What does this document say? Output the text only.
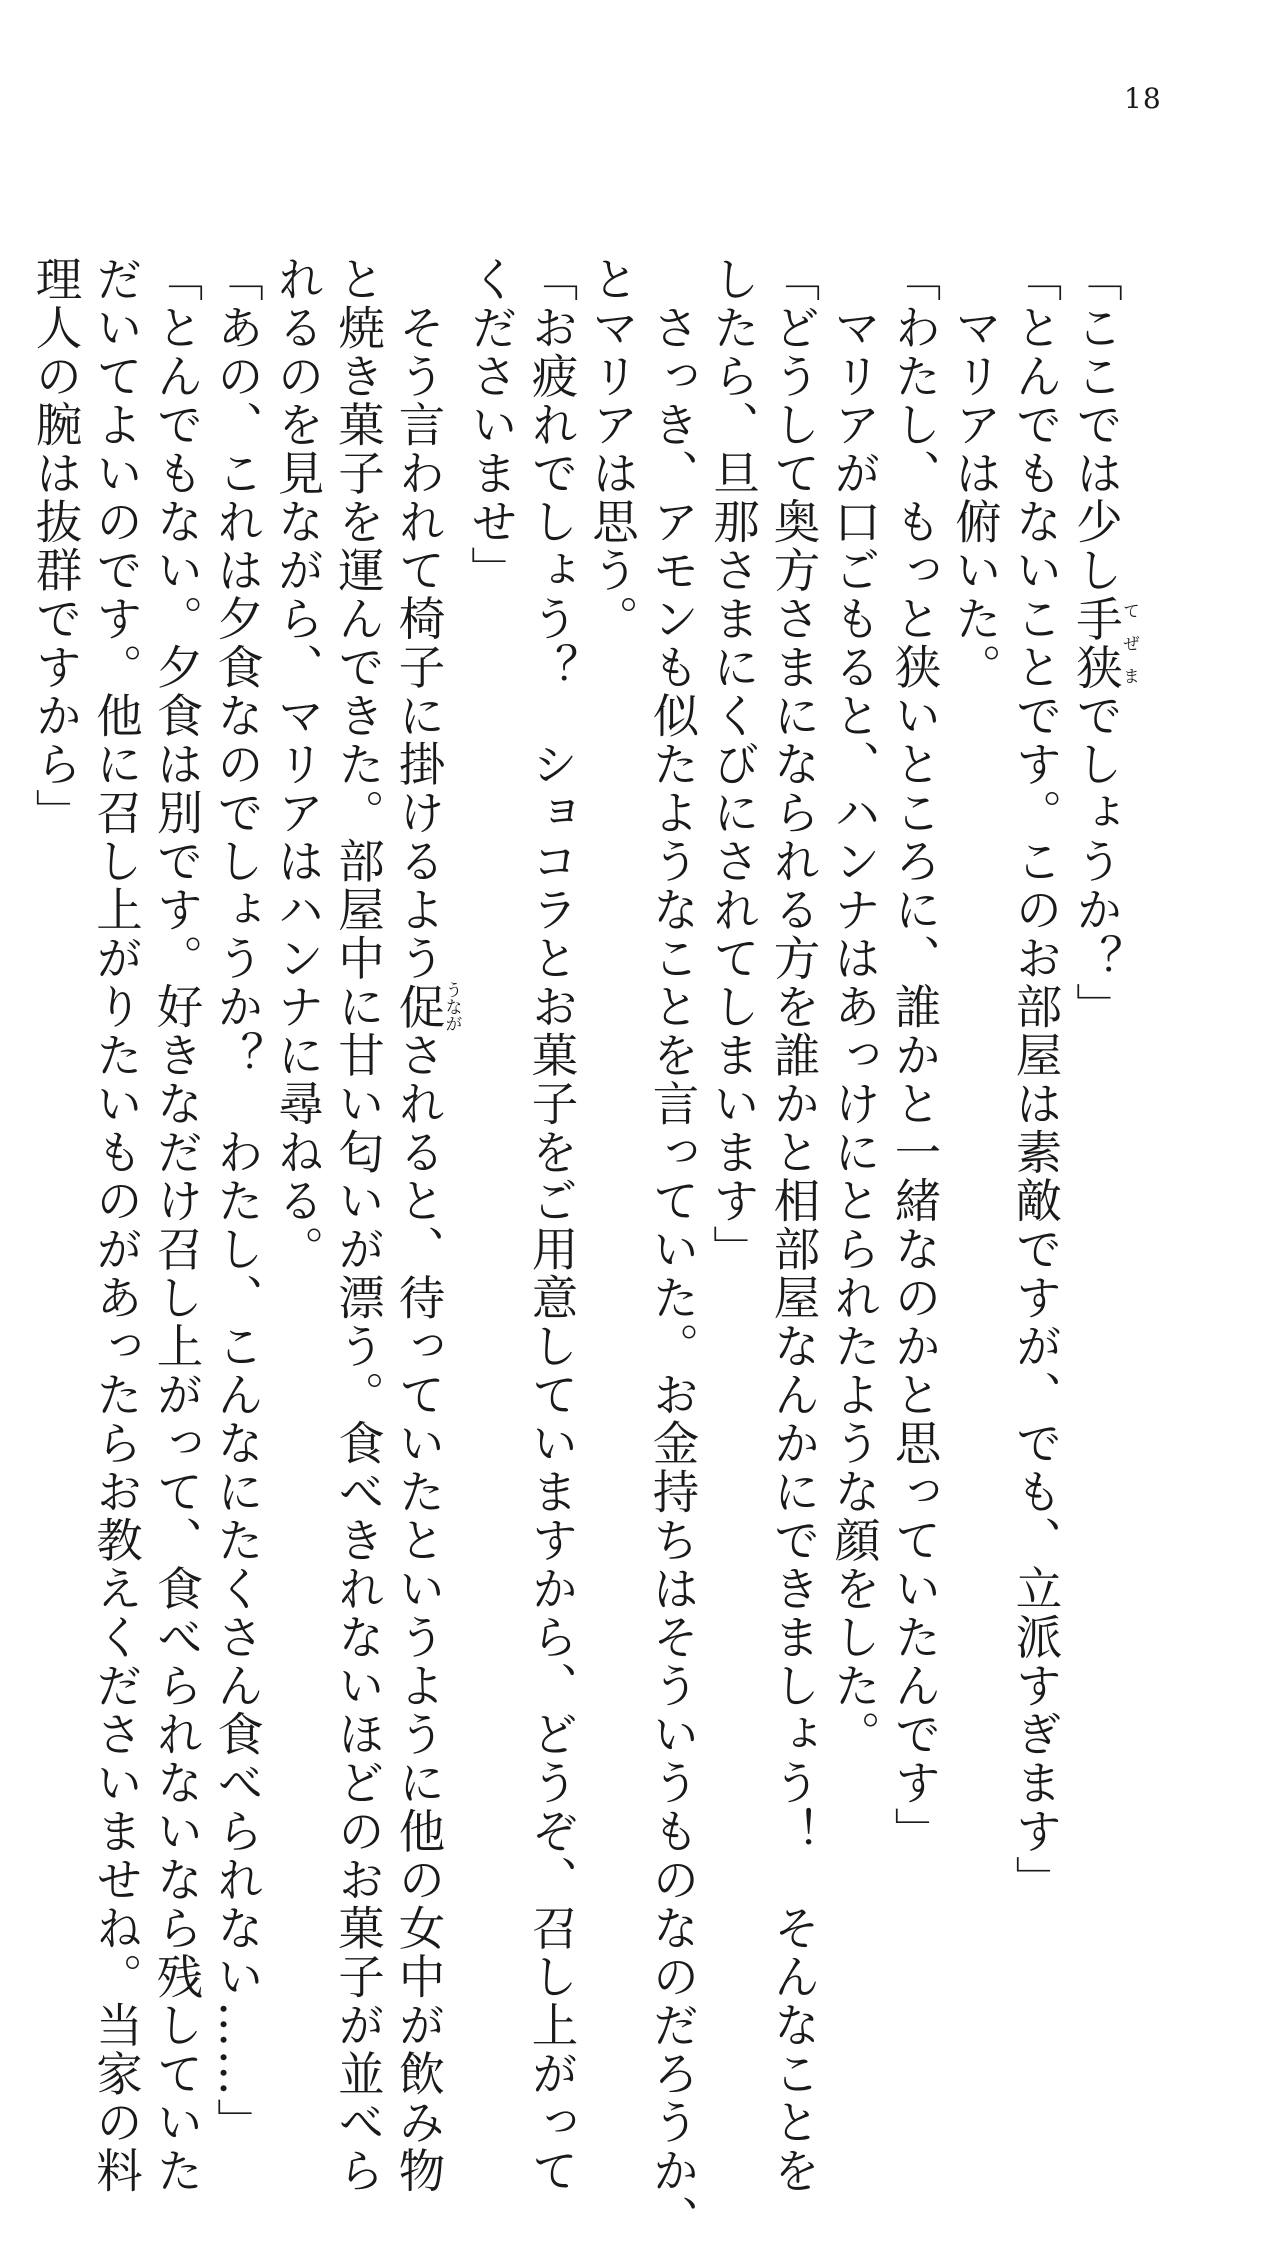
18
「ここでは少し手狭てぜまでしょうか？」
「とんでもないことです。このお部屋は素敵ですが、でも、立派すぎます」
　マリアは俯いた。
「わたし、もっと狭いところに、誰かと一緒なのかと思っていたんです」
　マリアが口ごもると、ハンナはあっけにとられたような顔をした。
「どうして奥方さまになられる方を誰かと相部屋なんかにできましょう！　そんなことを
したら、旦那さまにくびにされてしまいます」
　さっき、アモンも似たようなことを言っていた。お金持ちはそういうものなのだろうか、
とマリアは思う。
「お疲れでしょう？　ショコラとお菓子をご用意していますから、どうぞ、召し上がって
くださいませ」
　そう言われて椅子に掛けるよう促うながされると、待っていたというように他の女中が飲み物
と焼き菓子を運んできた。部屋中に甘い匂いが漂う。食べきれないほどのお菓子が並べら
れるのを見ながら、マリアはハンナに尋ねる。
「あの、これは夕食なのでしょうか？　わたし、こんなにたくさん食べられない……」
「とんでもない。夕食は別です。好きなだけ召し上がって、食べられないなら残していた
だいてよいのです。他に召し上がりたいものがあったらお教えくださいませね。当家の料
理人の腕は抜群ですから」
